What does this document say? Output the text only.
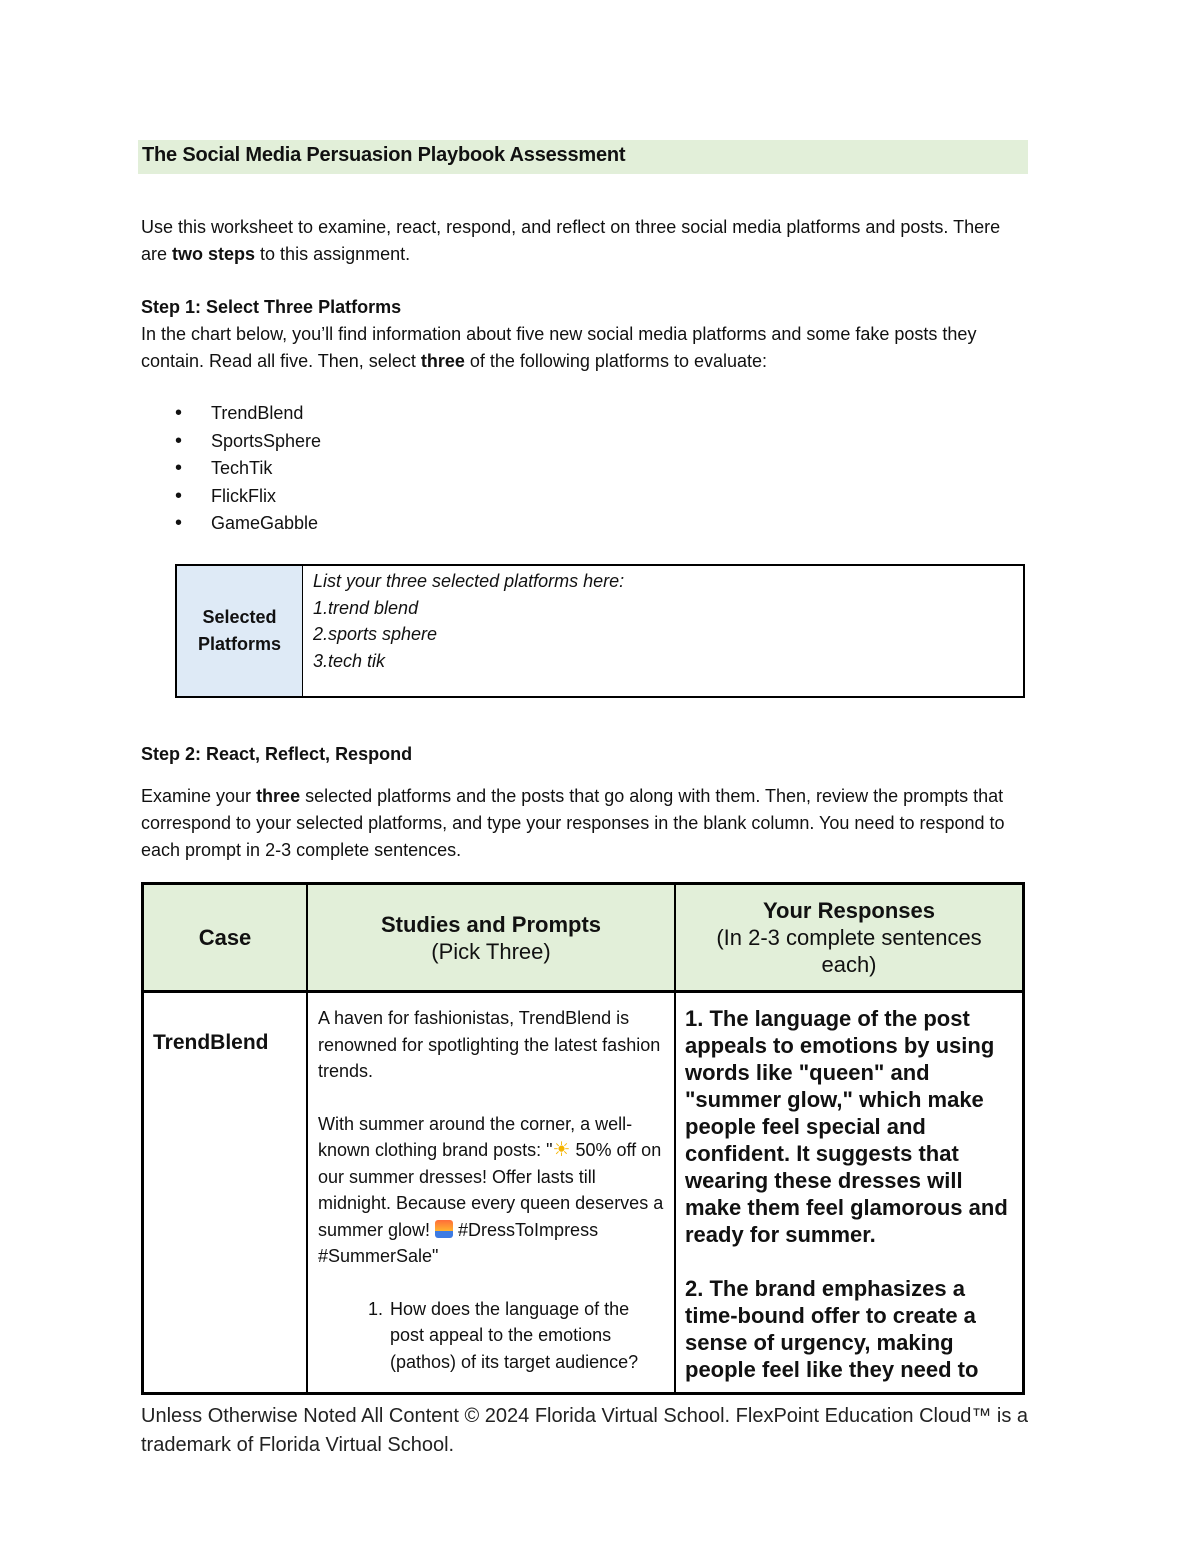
The Social Media Persuasion Playbook Assessment
Use this worksheet to examine, react, respond, and reflect on three social media platforms and posts. There are two steps to this assignment.
Step 1: Select Three Platforms
In the chart below, you’ll find information about five new social media platforms and some fake posts they contain. Read all five. Then, select three of the following platforms to evaluate:
• TrendBlend
• SportsSphere
• TechTik
• FlickFlix
• GameGabble
Selected
Platforms
List your three selected platforms here:
1.trend blend
2.sports sphere
3.tech tik
Step 2: React, Reflect, Respond
Examine your three selected platforms and the posts that go along with them. Then, review the prompts that correspond to your selected platforms, and type your responses in the blank column. You need to respond to each prompt in 2-3 complete sentences.
Case
Studies and Prompts
(Pick Three)
Your Responses
(In 2-3 complete sentences each)
TrendBlend
A haven for fashionistas, TrendBlend is renowned for spotlighting the latest fashion trends.
With summer around the corner, a well-known clothing brand posts: "☀ 50% off on our summer dresses! Offer lasts till midnight. Because every queen deserves a summer glow!  #DressToImpress #SummerSale"
1. How does the language of the post appeal to the emotions (pathos) of its target audience?
1. The language of the post appeals to emotions by using words like "queen" and "summer glow," which make people feel special and confident. It suggests that wearing these dresses will make them feel glamorous and ready for summer.
2. The brand emphasizes a time-bound offer to create a sense of urgency, making people feel like they need to
Unless Otherwise Noted All Content © 2024 Florida Virtual School. FlexPoint Education Cloud™ is a trademark of Florida Virtual School.
